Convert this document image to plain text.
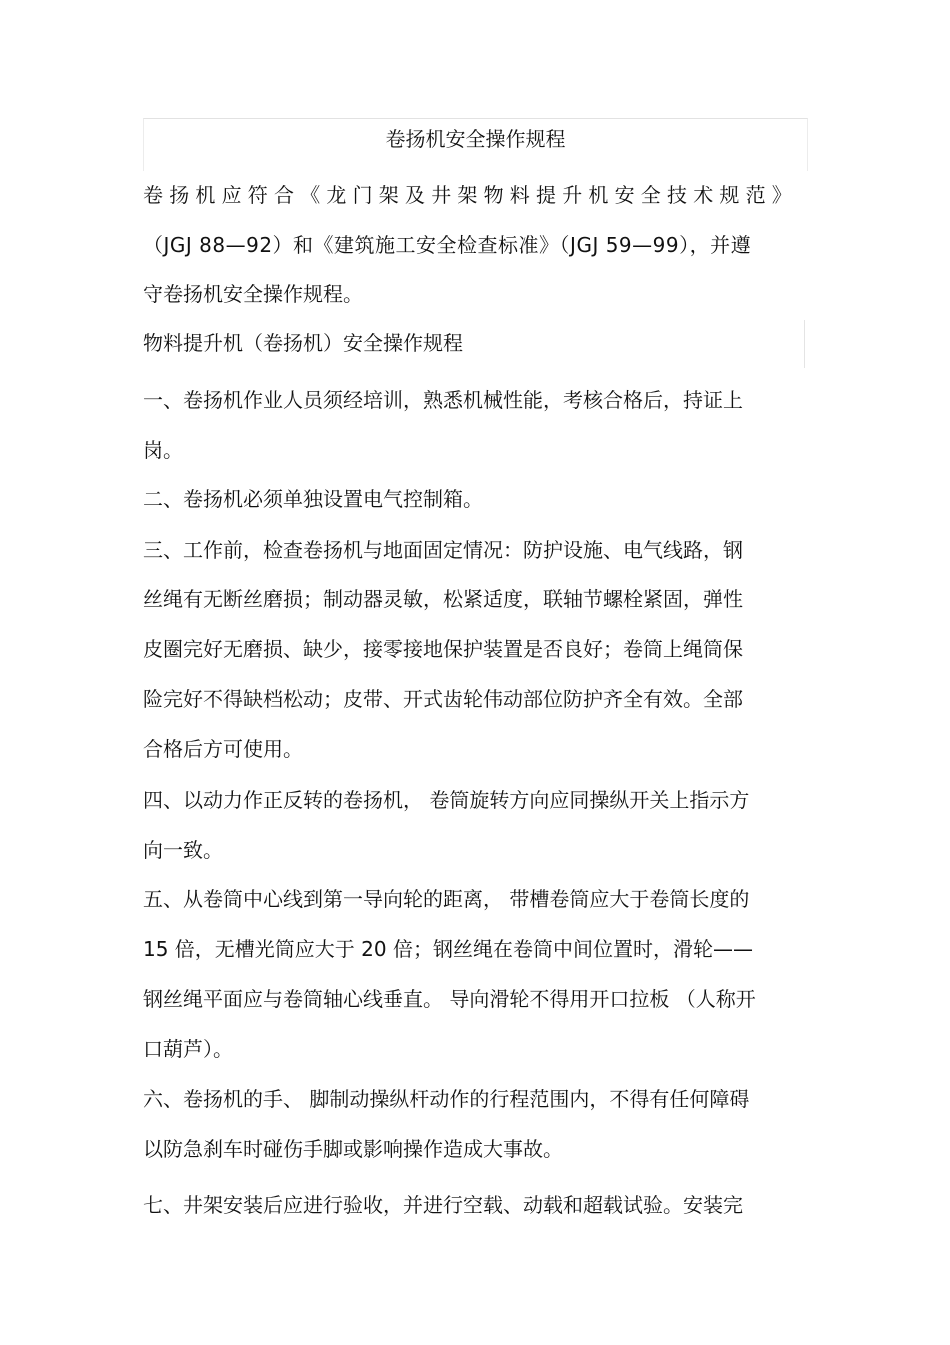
卷扬机安全操作规程
卷扬机应符合《龙门架及井架物料提升机安全技术规范》
（JGJ 88—92）和《建筑施工安全检查标准》（JGJ 59—99），并遵
守卷扬机安全操作规程。
物料提升机（卷扬机）安全操作规程
一、卷扬机作业人员须经培训，熟悉机械性能，考核合格后，持证上
岗。
二、卷扬机必须单独设置电气控制箱。
三、工作前，检查卷扬机与地面固定情况：防护设施、电气线路，钢
丝绳有无断丝磨损；制动器灵敏，松紧适度，联轴节螺栓紧固，弹性
皮圈完好无磨损、缺少，接零接地保护装置是否良好；卷筒上绳筒保
险完好不得缺档松动；皮带、开式齿轮伟动部位防护齐全有效。全部
合格后方可使用。
四、以动力作正反转的卷扬机， 卷筒旋转方向应同操纵开关上指示方
向一致。
五、从卷筒中心线到第一导向轮的距离， 带槽卷筒应大于卷筒长度的
15 倍，无槽光筒应大于 20 倍；钢丝绳在卷筒中间位置时，滑轮——
钢丝绳平面应与卷筒轴心线垂直。 导向滑轮不得用开口拉板 （人称开
口葫芦）。
六、卷扬机的手、 脚制动操纵杆动作的行程范围内，不得有任何障碍
以防急刹车时碰伤手脚或影响操作造成大事故。
七、井架安装后应进行验收，并进行空载、动载和超载试验。安装完
